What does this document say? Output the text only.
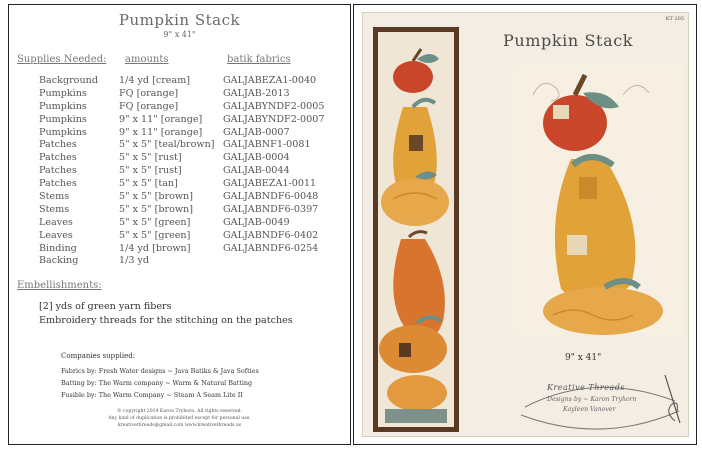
Pumpkin Stack
9" x 41"
Supplies Needed: amounts	batik fabrics
Background 1/4 yd [cream]	GALJABEZA1-0040
Pumpkins	FQ [orange]	GALJAB-2013
Pumpkins	FQ [orange]	GALJABYNDF2-0005
Pumpkins	9" x 11" [orange] GALJABYNDF2-0007
Pumpkins	9" x 11" [orange] GALJAB-0007
Patches	5" x 5" [teal/brown] GALJABNF1-0081
Patches	5" x 5" [rust]	GALJAB-0004
Patches	5" x 5" [rust]	GALJAB-0044
Patches	5" x 5" [tan]	GALJABEZA1-0011
Stems	5" x 5" [brown]	GALJABNDF6-0048
Stems	5" x 5" [brown]	GALJABNDF6-0397
Leaves	5" x 5" [green]	GALJAB-0049
Leaves	5" x 5" [green]	GALJABNDF6-0402
Binding	1/4 yd [brown]	GALJABNDF6-0254
Backing	1/3 yd
Embellishments:
[2] yds of green yarn fibers
Embroidery threads for the stitching on the patches
Companies supplied:
Fabrics by: Fresh Water designs ~ Java Batiks & Java Softies
Batting by: The Warm company ~ Warm & Natural Batting
Fusible by: The Warm Company ~ Steam A Seam Lite II
© copyright 2014 Karon Tryhorn. All rights reserved.
Any kind of duplication is prohibited except for personal use.
kreativethreads@gmail.com www.kreativethreads.us
KT 205
Pumpkin Stack
9" x 41"
Kreative Threads
Designs by ~ Karon Tryhorn
Kayleen Vanover
